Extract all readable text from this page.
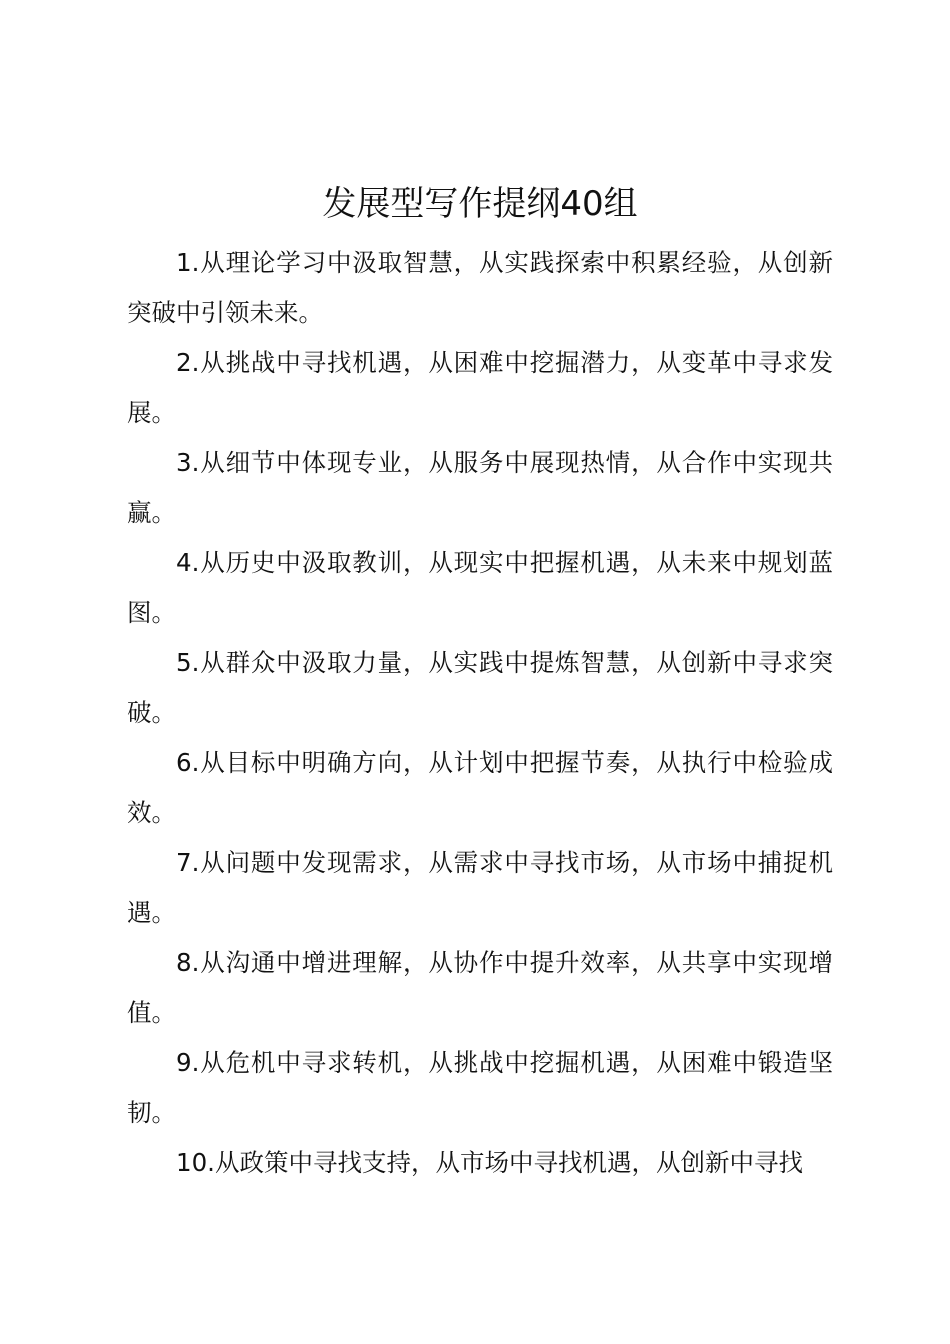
发展型写作提纲40组

1.从理论学习中汲取智慧，从实践探索中积累经验，从创新突破中引领未来。

2.从挑战中寻找机遇，从困难中挖掘潜力，从变革中寻求发展。

3.从细节中体现专业，从服务中展现热情，从合作中实现共赢。

4.从历史中汲取教训，从现实中把握机遇，从未来中规划蓝图。

5.从群众中汲取力量，从实践中提炼智慧，从创新中寻求突破。

6.从目标中明确方向，从计划中把握节奏，从执行中检验成效。

7.从问题中发现需求，从需求中寻找市场，从市场中捕捉机遇。

8.从沟通中增进理解，从协作中提升效率，从共享中实现增值。

9.从危机中寻求转机，从挑战中挖掘机遇，从困难中锻造坚韧。

10.从政策中寻找支持，从市场中寻找机遇，从创新中寻找
